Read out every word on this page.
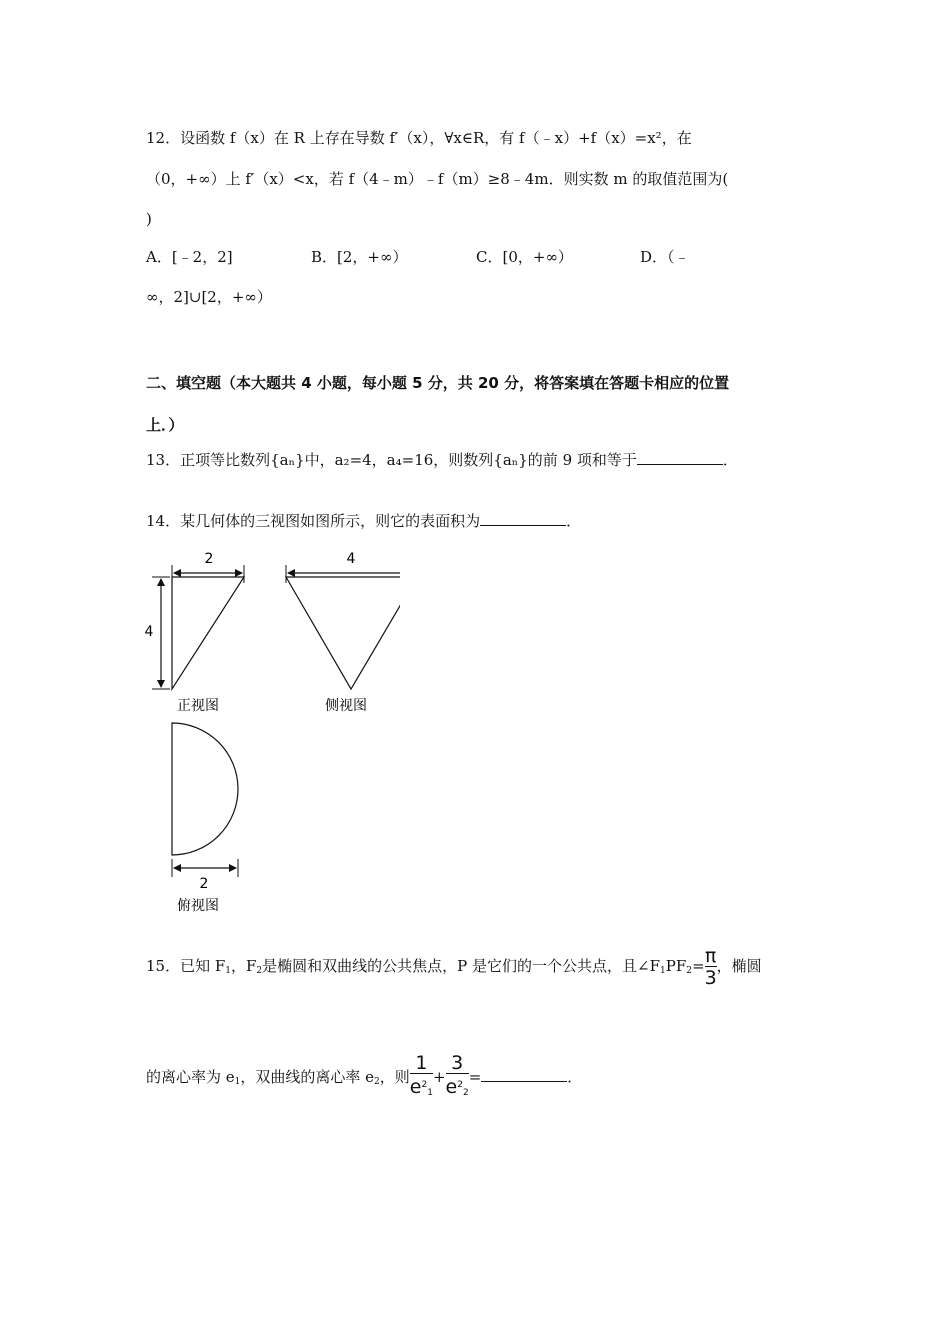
12．设函数 f（x）在 R 上存在导数 f′（x），∀x∈R，有 f（﹣x）+f（x）=x²，在
（0，+∞）上 f′（x）<x，若 f（4﹣m）﹣f（m）≥8﹣4m．则实数 m 的取值范围为(
)
A．[﹣2，2]	B．[2，+∞）	C．[0，+∞）	D．（﹣
∞，2]∪[2，+∞）
二、填空题（本大题共 4 小题，每小题 5 分，共 20 分，将答案填在答题卡相应的位置
上．）
13．正项等比数列{aₙ}中，a₂=4，a₄=16，则数列{aₙ}的前 9 项和等于	．
14．某几何体的三视图如图所示，则它的表面积为	．
2
4
正视图
4
侧视图
2
俯视图
15．已知 $F_1$，$F_2$是椭圆和双曲线的公共焦点，P 是它们的一个公共点，且$\angle F_1PF_2= \frac{\pi}{3}$ ，椭圆
的离心率为 $e_1$，双曲线的离心率 $e_2$，则 $\frac{1}{e^2_1} + \frac{3}{e^2_2}$ =	．
